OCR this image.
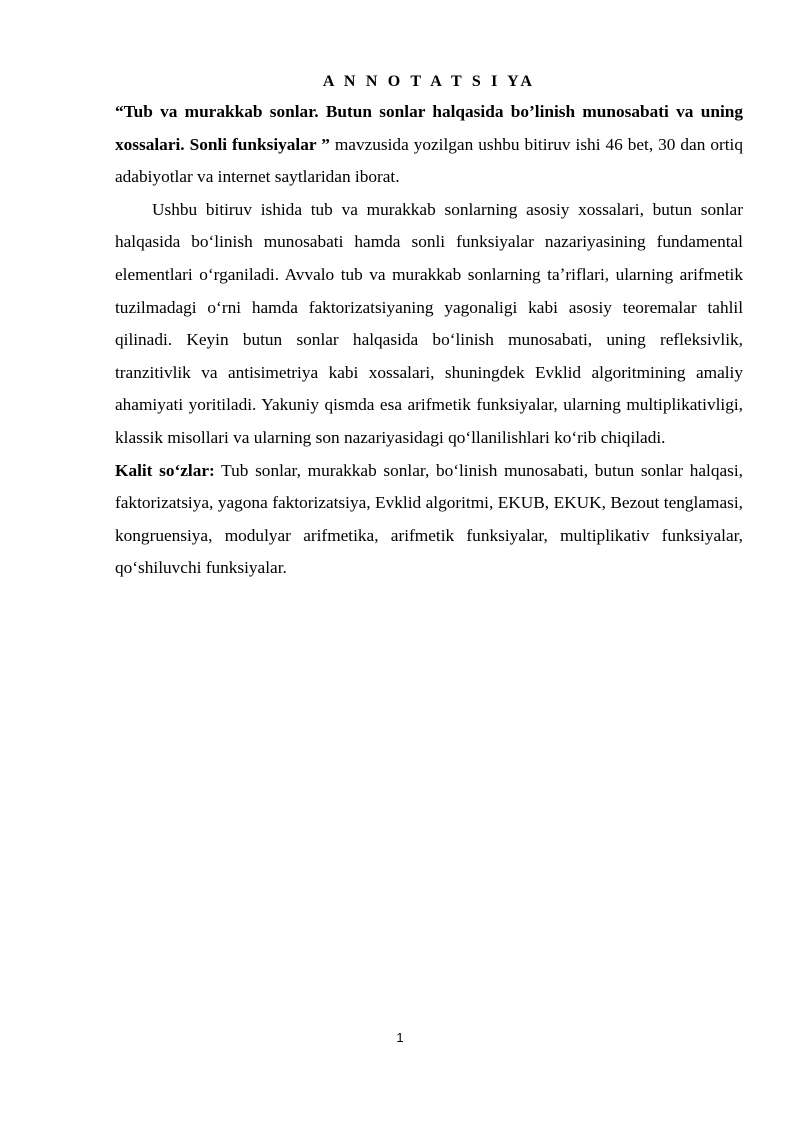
A N N O T A T S I YA

“Tub va murakkab sonlar. Butun sonlar halqasida bo’linish munosabati va uning xossalari. Sonli funksiyalar ” mavzusida yozilgan ushbu bitiruv ishi 46 bet, 30 dan ortiq adabiyotlar va internet saytlaridan iborat.

Ushbu bitiruv ishida tub va murakkab sonlarning asosiy xossalari, butun sonlar halqasida boʻlinish munosabati hamda sonli funksiyalar nazariyasining fundamental elementlari oʻrganiladi. Avvalo tub va murakkab sonlarning taʼriflari, ularning arifmetik tuzilmadagi oʻrni hamda faktorizatsiyaning yagonaligi kabi asosiy teoremalar tahlil qilinadi. Keyin butun sonlar halqasida boʻlinish munosabati, uning refleksivlik, tranzitivlik va antisimetriya kabi xossalari, shuningdek Evklid algoritmining amaliy ahamiyati yoritiladi. Yakuniy qismda esa arifmetik funksiyalar, ularning multiplikativligi, klassik misollari va ularning son nazariyasidagi qoʻllanilishlari koʻrib chiqiladi.

Kalit soʻzlar: Tub sonlar, murakkab sonlar, boʻlinish munosabati, butun sonlar halqasi, faktorizatsiya, yagona faktorizatsiya, Evklid algoritmi, EKUB, EKUK, Bezout tenglamasi, kongruensiya, modulyar arifmetika, arifmetik funksiyalar, multiplikativ funksiyalar, qoʻshiluvchi funksiyalar.

1
